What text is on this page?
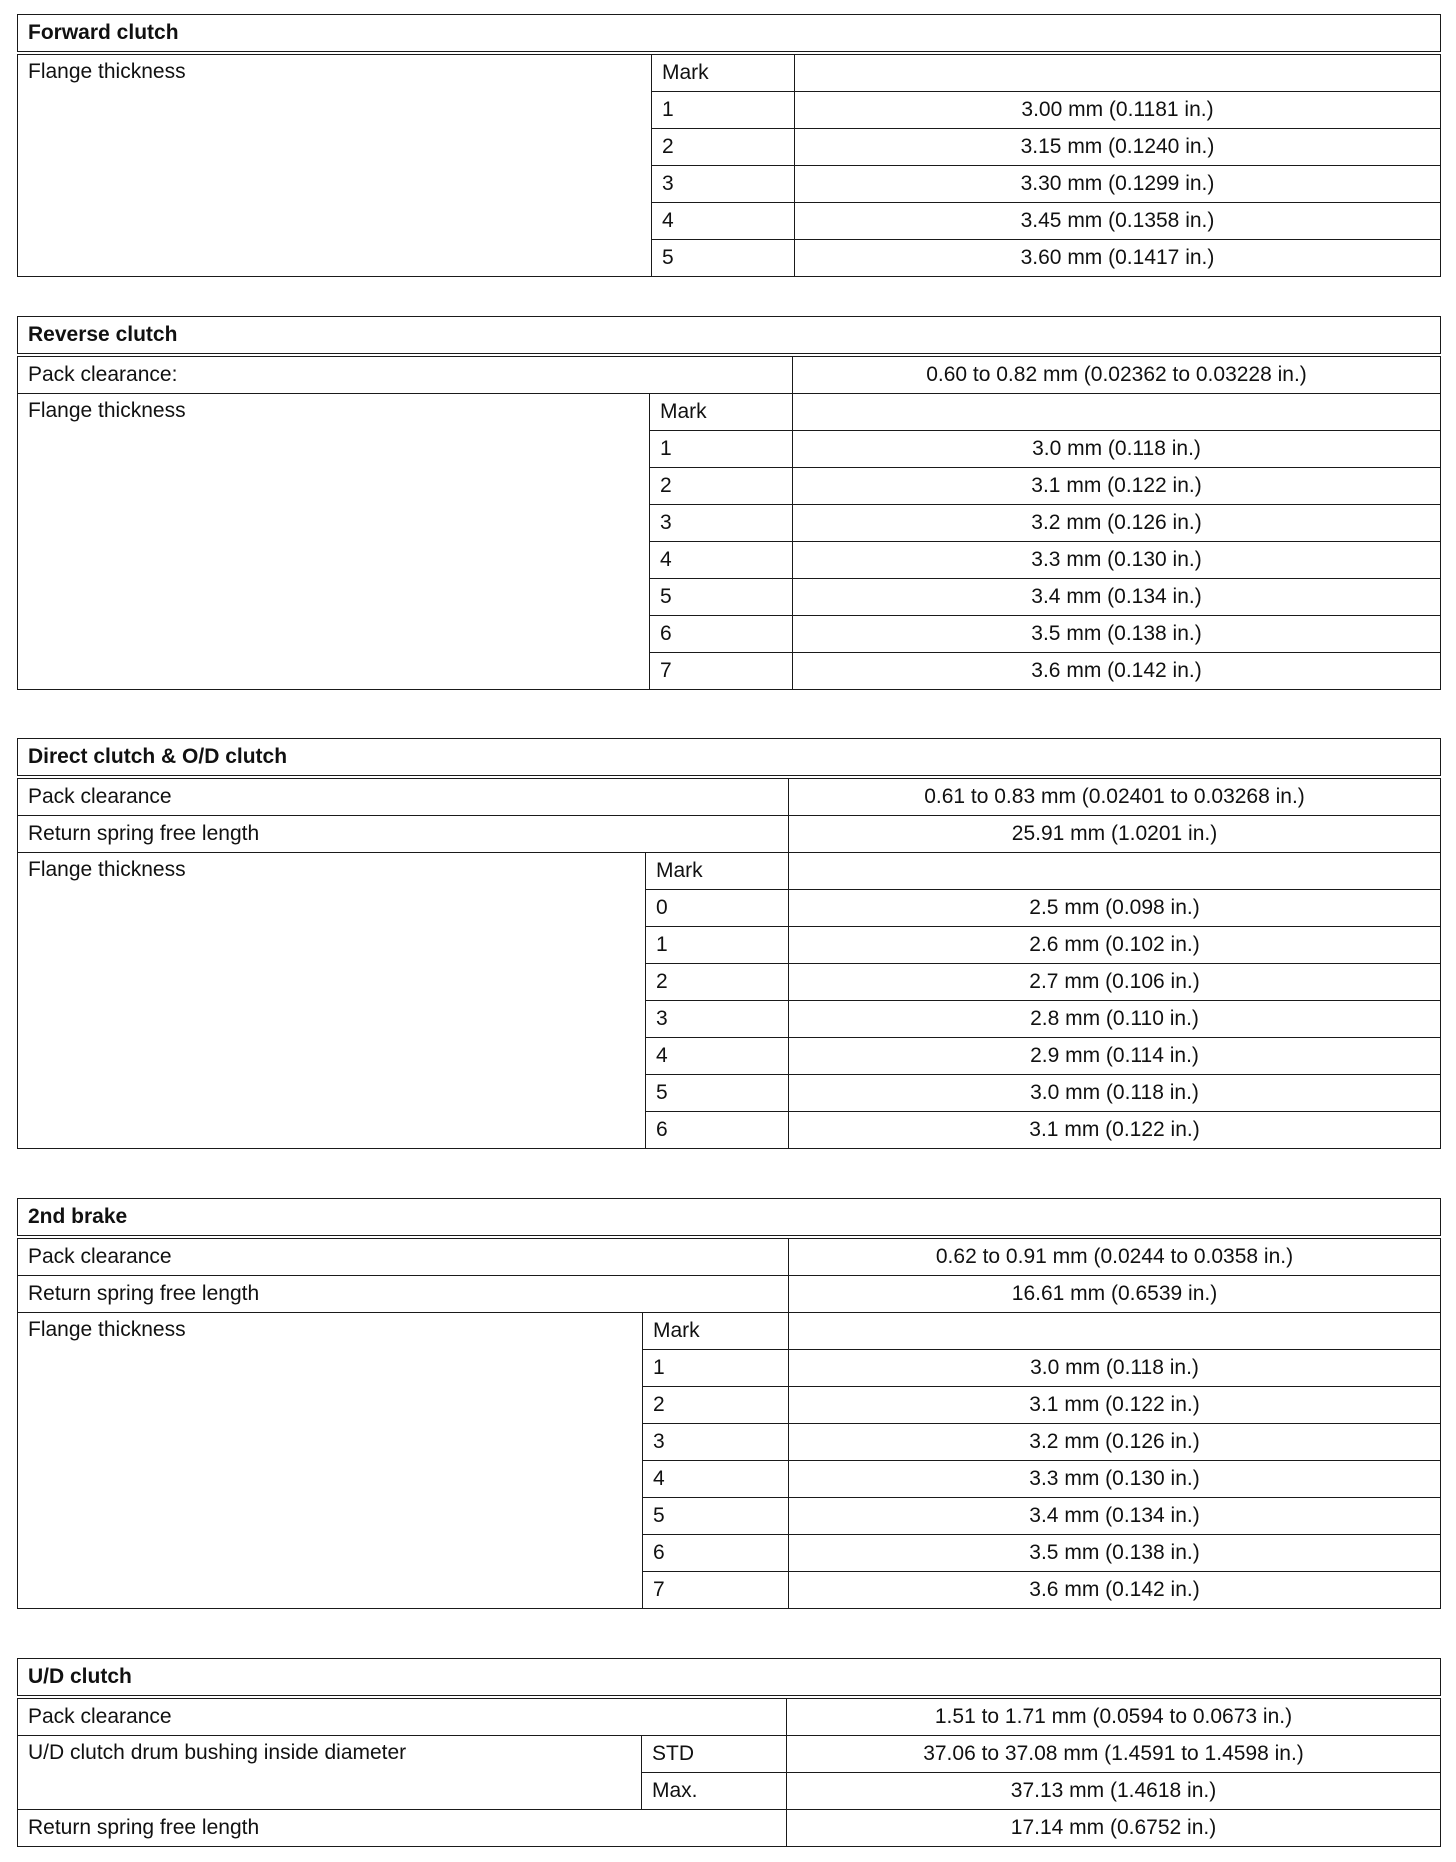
Forward clutch		
Flange thickness	Mark	
	1	3.00 mm (0.1181 in.)
	2	3.15 mm (0.1240 in.)
	3	3.30 mm (0.1299 in.)
	4	3.45 mm (0.1358 in.)
	5	3.60 mm (0.1417 in.)
Reverse clutch		
Pack clearance:		0.60 to 0.82 mm (0.02362 to 0.03228 in.)
Flange thickness	Mark	
	1	3.0 mm (0.118 in.)
	2	3.1 mm (0.122 in.)
	3	3.2 mm (0.126 in.)
	4	3.3 mm (0.130 in.)
	5	3.4 mm (0.134 in.)
	6	3.5 mm (0.138 in.)
	7	3.6 mm (0.142 in.)
Direct clutch & O/D clutch		
Pack clearance		0.61 to 0.83 mm (0.02401 to 0.03268 in.)
Return spring free length		25.91 mm (1.0201 in.)
Flange thickness	Mark	
	0	2.5 mm (0.098 in.)
	1	2.6 mm (0.102 in.)
	2	2.7 mm (0.106 in.)
	3	2.8 mm (0.110 in.)
	4	2.9 mm (0.114 in.)
	5	3.0 mm (0.118 in.)
	6	3.1 mm (0.122 in.)
2nd brake		
Pack clearance		0.62 to 0.91 mm (0.0244 to 0.0358 in.)
Return spring free length		16.61 mm (0.6539 in.)
Flange thickness	Mark	
	1	3.0 mm (0.118 in.)
	2	3.1 mm (0.122 in.)
	3	3.2 mm (0.126 in.)
	4	3.3 mm (0.130 in.)
	5	3.4 mm (0.134 in.)
	6	3.5 mm (0.138 in.)
	7	3.6 mm (0.142 in.)
U/D clutch		
Pack clearance		1.51 to 1.71 mm (0.0594 to 0.0673 in.)
U/D clutch drum bushing inside diameter	STD	37.06 to 37.08 mm (1.4591 to 1.4598 in.)
	Max.	37.13 mm (1.4618 in.)
Return spring free length		17.14 mm (0.6752 in.)
